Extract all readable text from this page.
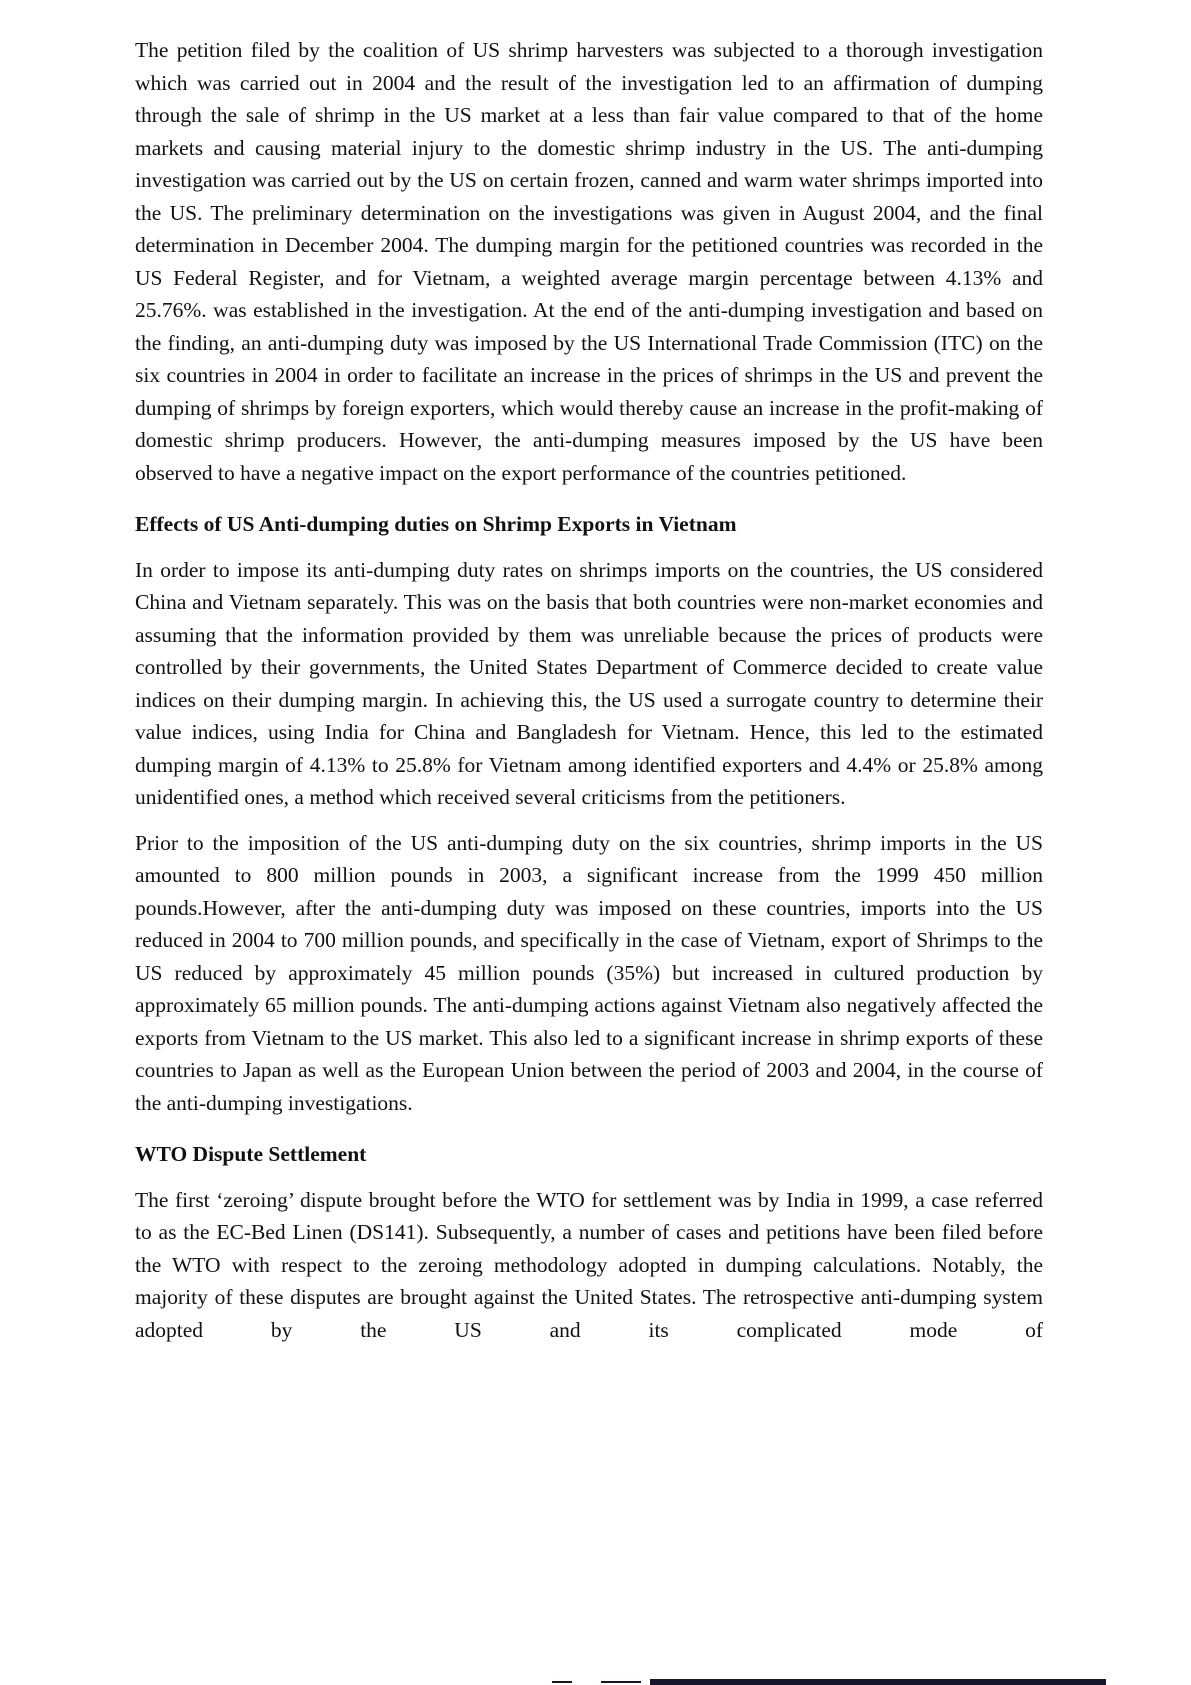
The petition filed by the coalition of US shrimp harvesters was subjected to a thorough investigation which was carried out in 2004 and the result of the investigation led to an affirmation of dumping through the sale of shrimp in the US market at a less than fair value compared to that of the home markets and causing material injury to the domestic shrimp industry in the US. The anti-dumping investigation was carried out by the US on certain frozen, canned and warm water shrimps imported into the US. The preliminary determination on the investigations was given in August 2004, and the final determination in December 2004. The dumping margin for the petitioned countries was recorded in the US Federal Register, and for Vietnam, a weighted average margin percentage between 4.13% and 25.76%. was established in the investigation. At the end of the anti-dumping investigation and based on the finding, an anti-dumping duty was imposed by the US International Trade Commission (ITC) on the six countries in 2004 in order to facilitate an increase in the prices of shrimps in the US and prevent the dumping of shrimps by foreign exporters, which would thereby cause an increase in the profit-making of domestic shrimp producers. However, the anti-dumping measures imposed by the US have been observed to have a negative impact on the export performance of the countries petitioned.

Effects of US Anti-dumping duties on Shrimp Exports in Vietnam

In order to impose its anti-dumping duty rates on shrimps imports on the countries, the US considered China and Vietnam separately. This was on the basis that both countries were non-market economies and assuming that the information provided by them was unreliable because the prices of products were controlled by their governments, the United States Department of Commerce decided to create value indices on their dumping margin. In achieving this, the US used a surrogate country to determine their value indices, using India for China and Bangladesh for Vietnam. Hence, this led to the estimated dumping margin of 4.13% to 25.8% for Vietnam among identified exporters and 4.4% or 25.8% among unidentified ones, a method which received several criticisms from the petitioners.

Prior to the imposition of the US anti-dumping duty on the six countries, shrimp imports in the US amounted to 800 million pounds in 2003, a significant increase from the 1999 450 million pounds.However, after the anti-dumping duty was imposed on these countries, imports into the US reduced in 2004 to 700 million pounds, and specifically in the case of Vietnam, export of Shrimps to the US reduced by approximately 45 million pounds (35%) but increased in cultured production by approximately 65 million pounds. The anti-dumping actions against Vietnam also negatively affected the exports from Vietnam to the US market. This also led to a significant increase in shrimp exports of these countries to Japan as well as the European Union between the period of 2003 and 2004, in the course of the anti-dumping investigations.

WTO Dispute Settlement

The first ‘zeroing’ dispute brought before the WTO for settlement was by India in 1999, a case referred to as the EC-Bed Linen (DS141). Subsequently, a number of cases and petitions have been filed before the WTO with respect to the zeroing methodology adopted in dumping calculations. Notably, the majority of these disputes are brought against the United States. The retrospective anti-dumping system adopted by the US and its complicated mode of
